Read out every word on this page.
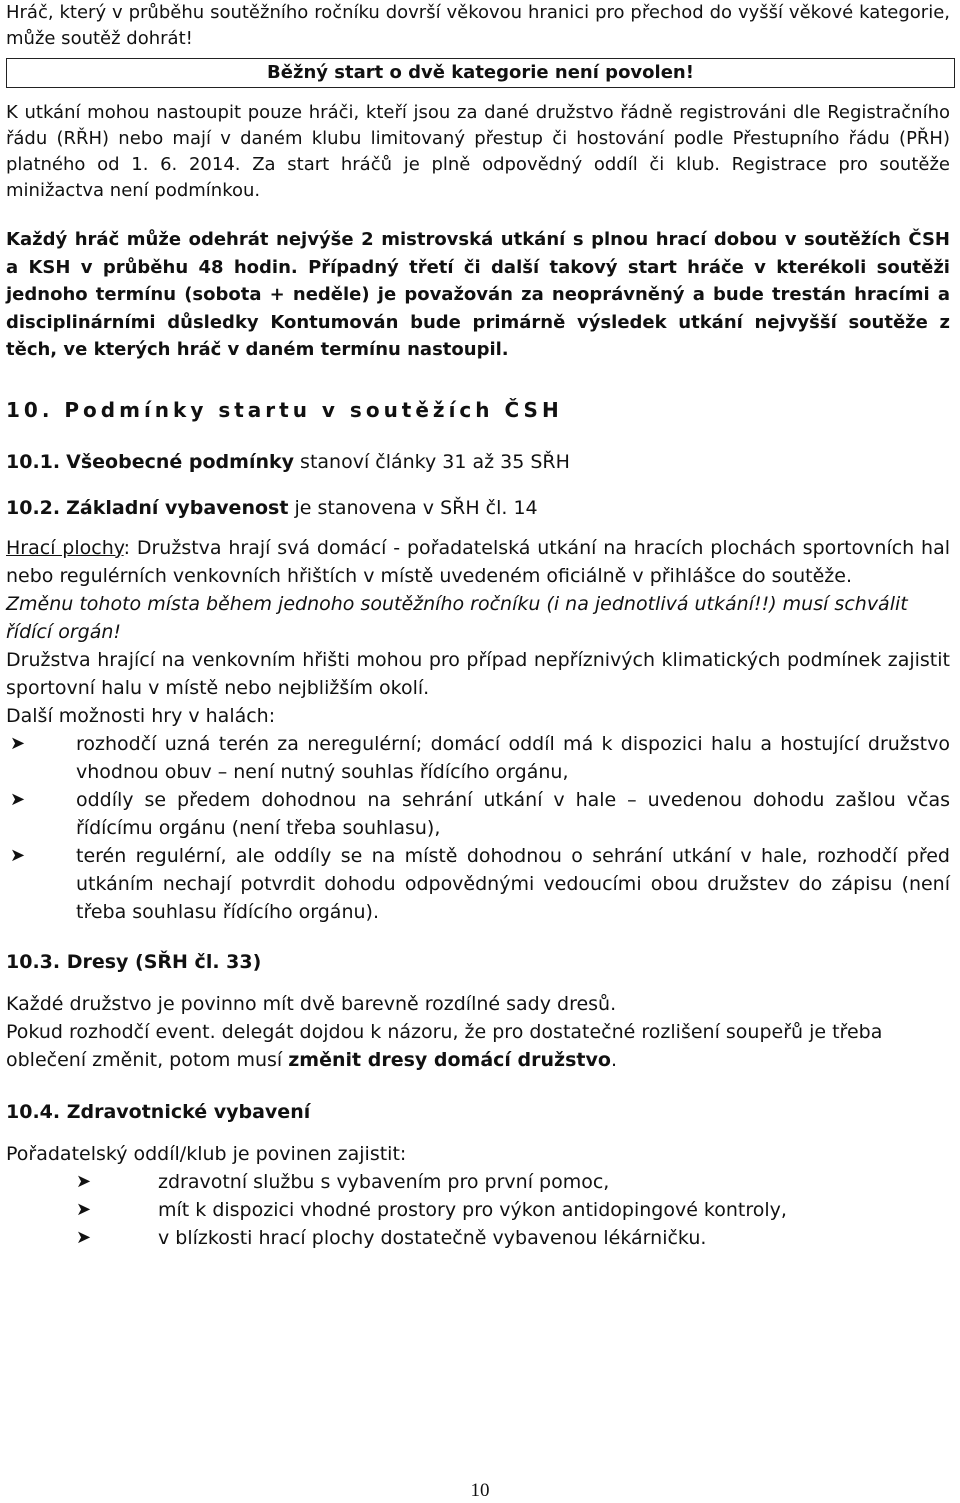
Hráč, který v průběhu soutěžního ročníku dovrší věkovou hranici pro přechod do vyšší věkové kategorie, může soutěž dohrát!

Běžný start o dvě kategorie není povolen!

K utkání mohou nastoupit pouze hráči, kteří jsou za dané družstvo řádně registrováni dle Registračního řádu (RŘH) nebo mají v daném klubu limitovaný přestup či hostování podle Přestupního řádu (PŘH) platného od 1. 6. 2014. Za start hráčů je plně odpovědný oddíl či klub. Registrace pro soutěže minižactva není podmínkou.

Každý hráč může odehrát nejvýše 2 mistrovská utkání s plnou hrací dobou v soutěžích ČSH a KSH v průběhu 48 hodin. Případný třetí či další takový start hráče v kterékoli soutěži jednoho termínu (sobota + neděle) je považován za neoprávněný a bude trestán hracími a disciplinárními důsledky Kontumován bude primárně výsledek utkání nejvyšší soutěže z těch, ve kterých hráč v daném termínu nastoupil.

10. Podmínky startu v soutěžích ČSH

10.1. Všeobecné podmínky stanoví články 31 až 35 SŘH

10.2. Základní vybavenost je stanovena v SŘH čl. 14

Hrací plochy: Družstva hrají svá domácí - pořadatelská utkání na hracích plochách sportovních hal nebo regulérních venkovních hřištích v místě uvedeném oficiálně v přihlášce do soutěže.

Změnu tohoto místa během jednoho soutěžního ročníku (i na jednotlivá utkání!!) musí schválit řídící orgán!

Družstva hrající na venkovním hřišti mohou pro případ nepříznivých klimatických podmínek zajistit sportovní halu v místě nebo nejbližším okolí.

Další možnosti hry v halách:

➤	rozhodčí uzná terén za neregulérní; domácí oddíl má k dispozici halu a hostující družstvo vhodnou obuv – není nutný souhlas řídícího orgánu,
➤	oddíly se předem dohodnou na sehrání utkání v hale – uvedenou dohodu zašlou včas řídícímu orgánu (není třeba souhlasu),
➤	terén regulérní, ale oddíly se na místě dohodnou o sehrání utkání v hale, rozhodčí před utkáním nechají potvrdit dohodu odpovědnými vedoucími obou družstev do zápisu (není třeba souhlasu řídícího orgánu).

10.3. Dresy (SŘH čl. 33)

Každé družstvo je povinno mít dvě barevně rozdílné sady dresů.

Pokud rozhodčí event. delegát dojdou k názoru, že pro dostatečné rozlišení soupeřů je třeba oblečení změnit, potom musí změnit dresy domácí družstvo.

10.4. Zdravotnické vybavení

Pořadatelský oddíl/klub je povinen zajistit:

➤	zdravotní službu s vybavením pro první pomoc,
➤	mít k dispozici vhodné prostory pro výkon antidopingové kontroly,
➤	v blízkosti hrací plochy dostatečně vybavenou lékárničku.
10
